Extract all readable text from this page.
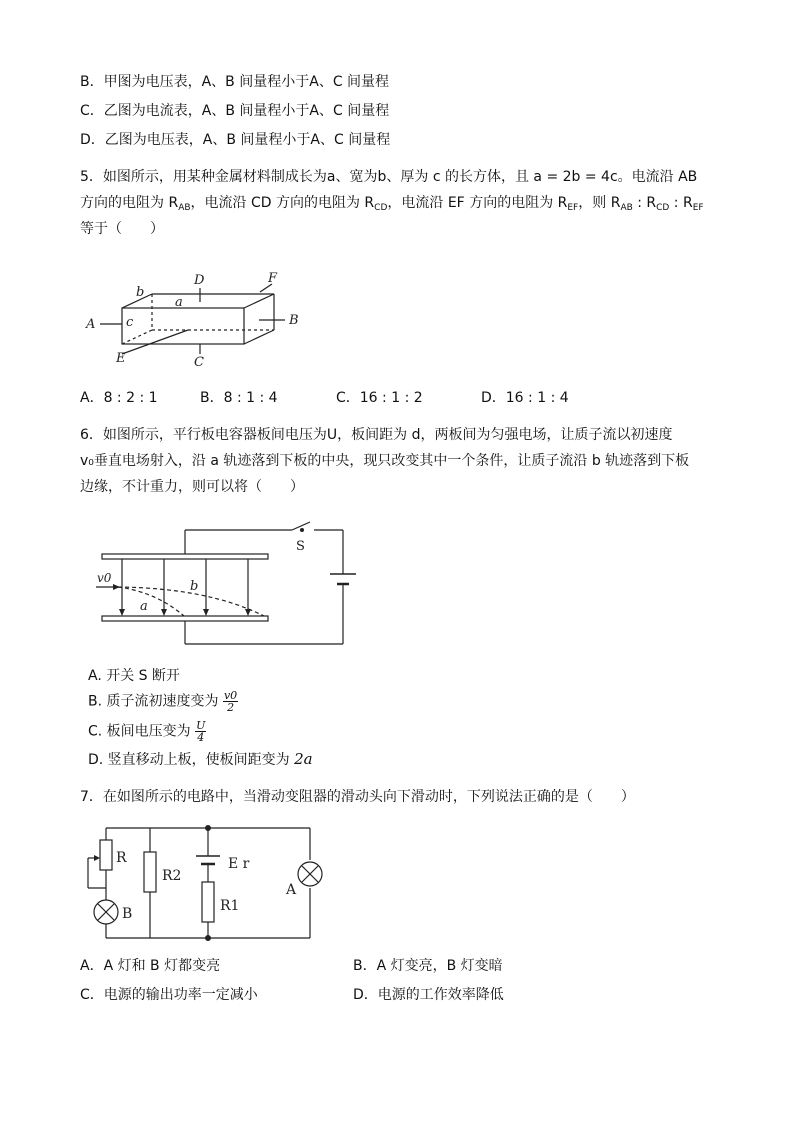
B．甲图为电压表，A、B 间量程小于A、C 间量程
C．乙图为电流表，A、B 间量程小于A、C 间量程
D．乙图为电压表，A、B 间量程小于A、C 间量程
5．如图所示，用某种金属材料制成长为a、宽为b、厚为 c 的长方体，且 a = 2b = 4c。电流沿 AB
方向的电阻为 $R_{AB}$，电流沿 CD 方向的电阻为 $R_{CD}$，电流沿 EF 方向的电阻为 $R_{EF}$，则 $R_{AB}$ : $R_{CD}$ : $R_{EF}$
等于（　　）
A	B
C
D
E
F
a
b
c
A．8 : 2 : 1	B．8 : 1 : 4	C．16 : 1 : 2	D．16 : 1 : 4
6．如图所示，平行板电容器板间电压为U，板间距为 d，两板间为匀强电场，让质子流以初速度
v₀垂直电场射入，沿 a 轨迹落到下板的中央，现只改变其中一个条件，让质子流沿 b 轨迹落到下板
边缘，不计重力，则可以将（　　）
S
v0
a
b
A. 开关 S 断开
B. 质子流初速度变为 $\frac{v0}{2}$
C. 板间电压变为 $\frac{U}{4}$
D. 竖直移动上板，使板间距变为 2a
7．在如图所示的电路中，当滑动变阻器的滑动头向下滑动时，下列说法正确的是（　　）
R
B
R2
E r
R1
A
A．A 灯和 B 灯都变亮	B．A 灯变亮，B 灯变暗
C．电源的输出功率一定减小	D．电源的工作效率降低
